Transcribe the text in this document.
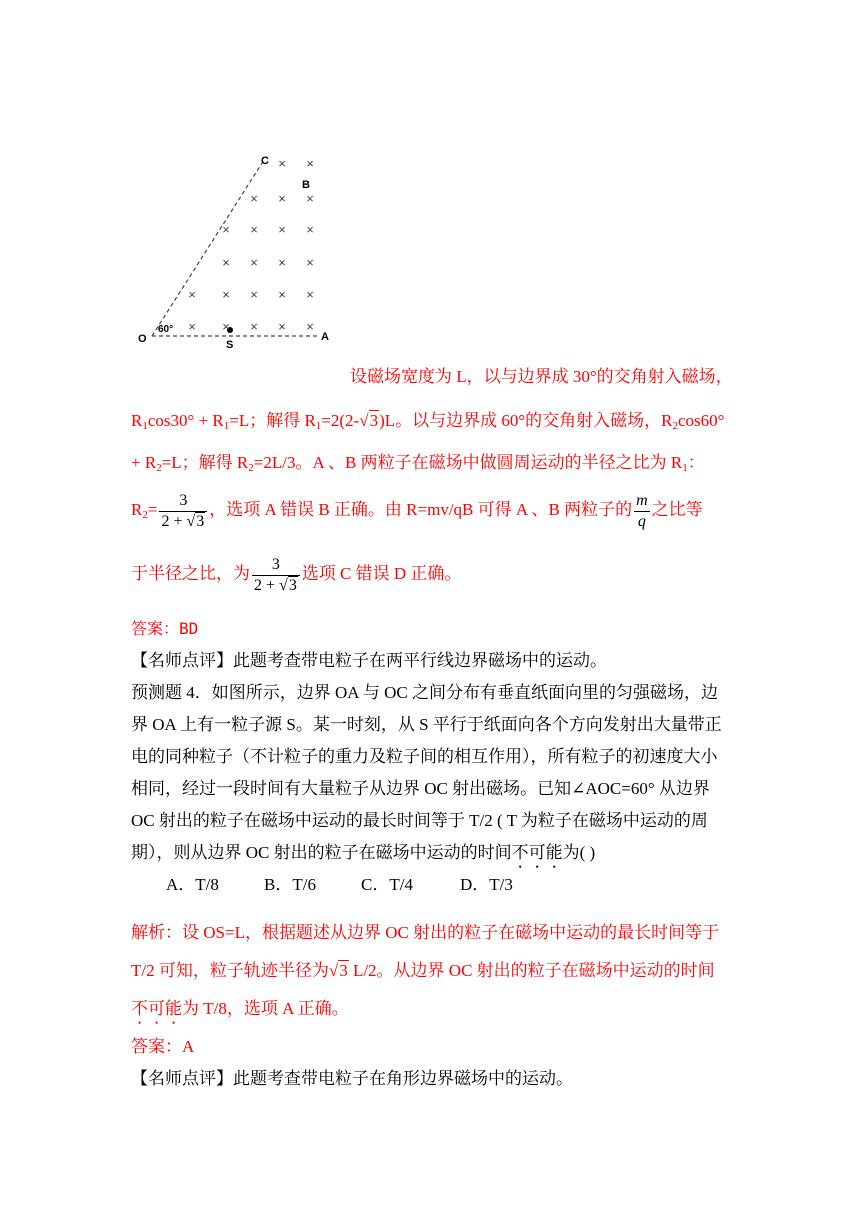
C
B
O
60°
S
A
× ×
× × ×
× × × ×
× × × ×
× × × × ×
× × × × ×
设磁场宽度为 L，以与边界成 30°的交角射入磁场，
$R_1\cos 30^\circ + R_1=L$；解得 $R_1=2(2-√3)L$。以与边界成 60°的交角射入磁场，$R_2\cos 60^\circ$
+ $R_2=L$；解得 $R_2=2L/3$。A 、B 两粒子在磁场中做圆周运动的半径之比为 $R_1$：
$R_2= \frac{3}{2 + √3}$ ，选项 A 错误 B 正确。由 R=mv/qB 可得 A 、B 两粒子的 $\frac{m}{q}$ 之比等
于半径之比，为 $\frac{3}{2 + √3}$ 选项 C 错误 D 正确。
答案：BD
【名师点评】此题考查带电粒子在两平行线边界磁场中的运动。
预测题 4．如图所示，边界 OA 与 OC 之间分布有垂直纸面向里的匀强磁场，边
界 OA 上有一粒子源 S。某一时刻，从 S 平行于纸面向各个方向发射出大量带正
电的同种粒子（不计粒子的重力及粒子间的相互作用），所有粒子的初速度大小
相同，经过一段时间有大量粒子从边界 OC 射出磁场。已知∠AOC=60° 从边界
OC 射出的粒子在磁场中运动的最长时间等于 T/2 ( T 为粒子在磁场中运动的周
期），则从边界 OC 射出的粒子在磁场中运动的时间不可能为( )
A．T/8	B．T/6	C．T/4	D．T/3
解析：设 OS=L，根据题述从边界 OC 射出的粒子在磁场中运动的最长时间等于
T/2 可知，粒子轨迹半径为√3 L/2。从边界 OC 射出的粒子在磁场中运动的时间
不可能为 T/8，选项 A 正确。
答案：A
【名师点评】此题考查带电粒子在角形边界磁场中的运动。
